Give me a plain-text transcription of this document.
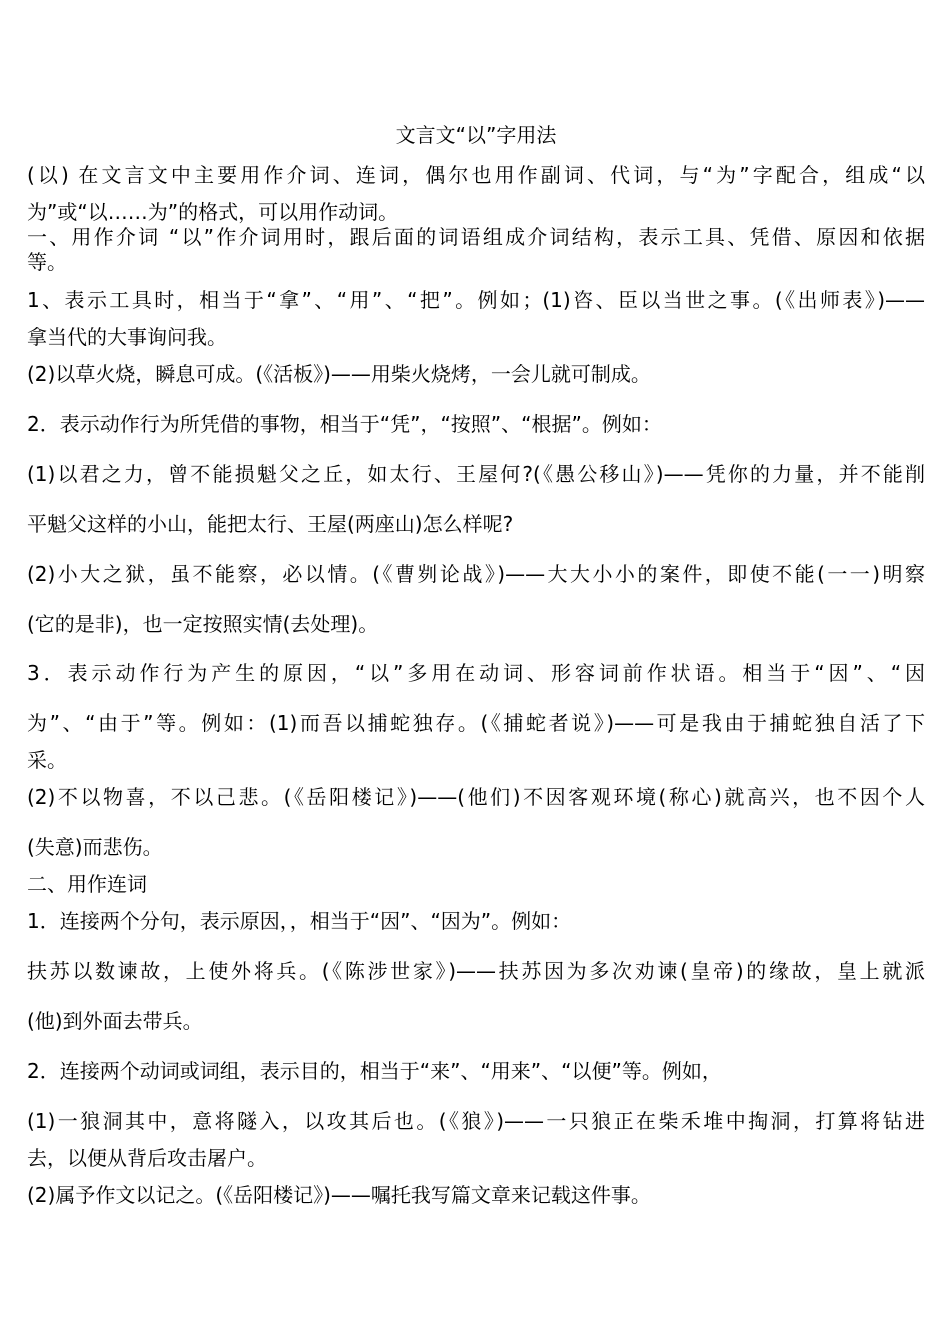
文言文“以”字用法
(以) 在文言文中主要用作介词、连词，偶尔也用作副词、代词，与“为”字配合，组成“以
为”或“以……为”的格式，可以用作动词。
一、用作介词 “以”作介词用时，跟后面的词语组成介词结构，表示工具、凭借、原因和依据
等。
1、表示工具时，相当于“拿”、“用”、“把”。例如；(1)咨、臣以当世之事。(《出师表》)——
拿当代的大事询问我。
(2)以草火烧，瞬息可成。(《活板》)——用柴火烧烤，一会儿就可制成。
2．表示动作行为所凭借的事物，相当于“凭”，“按照”、“根据”。例如：
(1)以君之力，曾不能损魁父之丘，如太行、王屋何?(《愚公移山》)——凭你的力量，并不能削
平魁父这样的小山，能把太行、王屋(两座山)怎么样呢?
(2)小大之狱，虽不能察，必以情。(《曹刿论战》)——大大小小的案件，即使不能(一一)明察
(它的是非)，也一定按照实情(去处理)。
3．表示动作行为产生的原因，“以”多用在动词、形容词前作状语。相当于“因”、“因
为”、“由于”等。例如：(1)而吾以捕蛇独存。(《捕蛇者说》)——可是我由于捕蛇独自活了下
采。
(2)不以物喜，不以己悲。(《岳阳楼记》)——(他们)不因客观环境(称心)就高兴，也不因个人
(失意)而悲伤。
二、用作连词
1．连接两个分句，表示原因，，相当于“因”、“因为”。例如：
扶苏以数谏故，上使外将兵。(《陈涉世家》)——扶苏因为多次劝谏(皇帝)的缘故，皇上就派
(他)到外面去带兵。
2．连接两个动词或词组，表示目的，相当于“来”、“用来”、“以便”等。例如，
(1)一狼洞其中，意将隧入，以攻其后也。(《狼》)——一只狼正在柴禾堆中掏洞，打算将钻进
去，以便从背后攻击屠户。
(2)属予作文以记之。(《岳阳楼记》)——嘱托我写篇文章来记载这件事。
